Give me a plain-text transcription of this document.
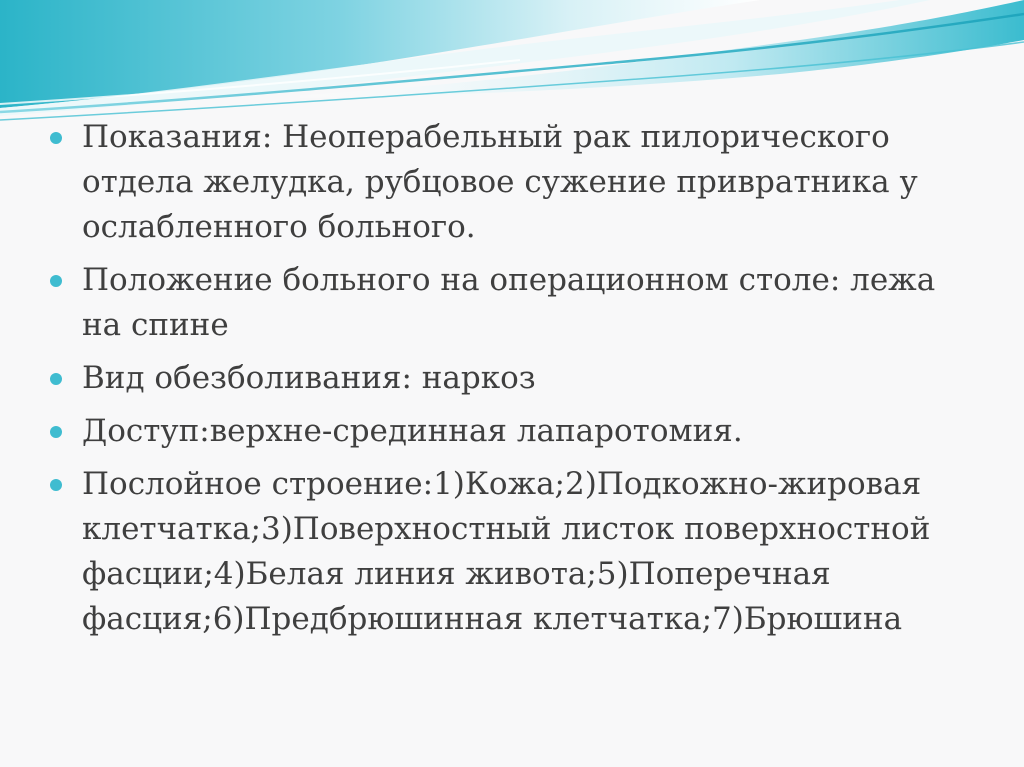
Показания: Неоперабельный рак пилорического отдела желудка, рубцовое сужение привратника у ослабленного больного.
Положение больного на операционном столе: лежа на спине
Вид обезболивания: наркоз
Доступ:верхне-срединная лапаротомия.
Послойное строение:1)Кожа;2)Подкожно-жировая клетчатка;3)Поверхностный листок поверхностной фасции;4)Белая линия живота;5)Поперечная фасция;6)Предбрюшинная клетчатка;7)Брюшина
